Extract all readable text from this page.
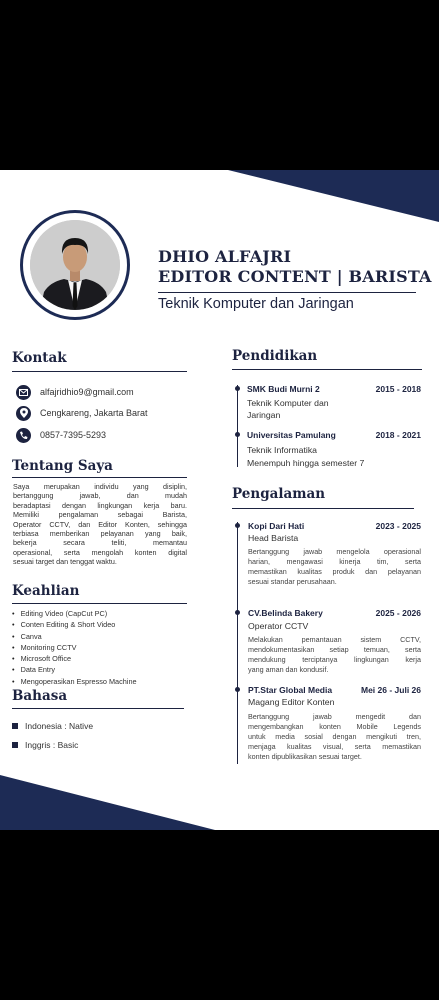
DHIO ALFAJRI
EDITOR CONTENT | BARISTA
Teknik Komputer dan Jaringan
Kontak
alfajridhio9@gmail.com
Cengkareng, Jakarta Barat
0857-7395-5293
Tentang Saya
Saya merupakan individu yang disiplin,
bertanggung jawab, dan mudah
beradaptasi dengan lingkungan kerja baru.
Memiliki pengalaman sebagai Barista,
Operator CCTV, dan Editor Konten, sehingga
terbiasa memberikan pelayanan yang baik,
bekerja secara teliti, memantau
operasional, serta mengolah konten digital
sesuai target dan tenggat waktu.
Keahlian
• Editing Video (CapCut PC)
• Conten Editing & Short Video
• Canva
• Monitoring CCTV
• Microsoft Office
• Data Entry
• Mengoperasikan Espresso Machine
Bahasa
Indonesia : Native
Inggris : Basic
Pendidikan
SMK Budi Murni 2	2015 - 2018
Teknik Komputer dan
Jaringan
Universitas Pamulang	2018 - 2021
Teknik Informatika
Menempuh hingga semester 7
Pengalaman
Kopi Dari Hati	2023 - 2025
Head Barista
Bertanggung jawab mengelola operasional
harian, mengawasi kinerja tim, serta
memastikan kualitas produk dan pelayanan
sesuai standar perusahaan.
CV.Belinda Bakery	2025 - 2026
Operator CCTV
Melakukan pemantauan sistem CCTV,
mendokumentasikan setiap temuan, serta
mendukung terciptanya lingkungan kerja
yang aman dan kondusif.
PT.Star Global Media	Mei 26 - Juli 26
Magang Editor Konten
Bertanggung jawab mengedit dan
mengembangkan konten Mobile Legends
untuk media sosial dengan mengikuti tren,
menjaga kualitas visual, serta memastikan
konten dipublikasikan sesuai target.
